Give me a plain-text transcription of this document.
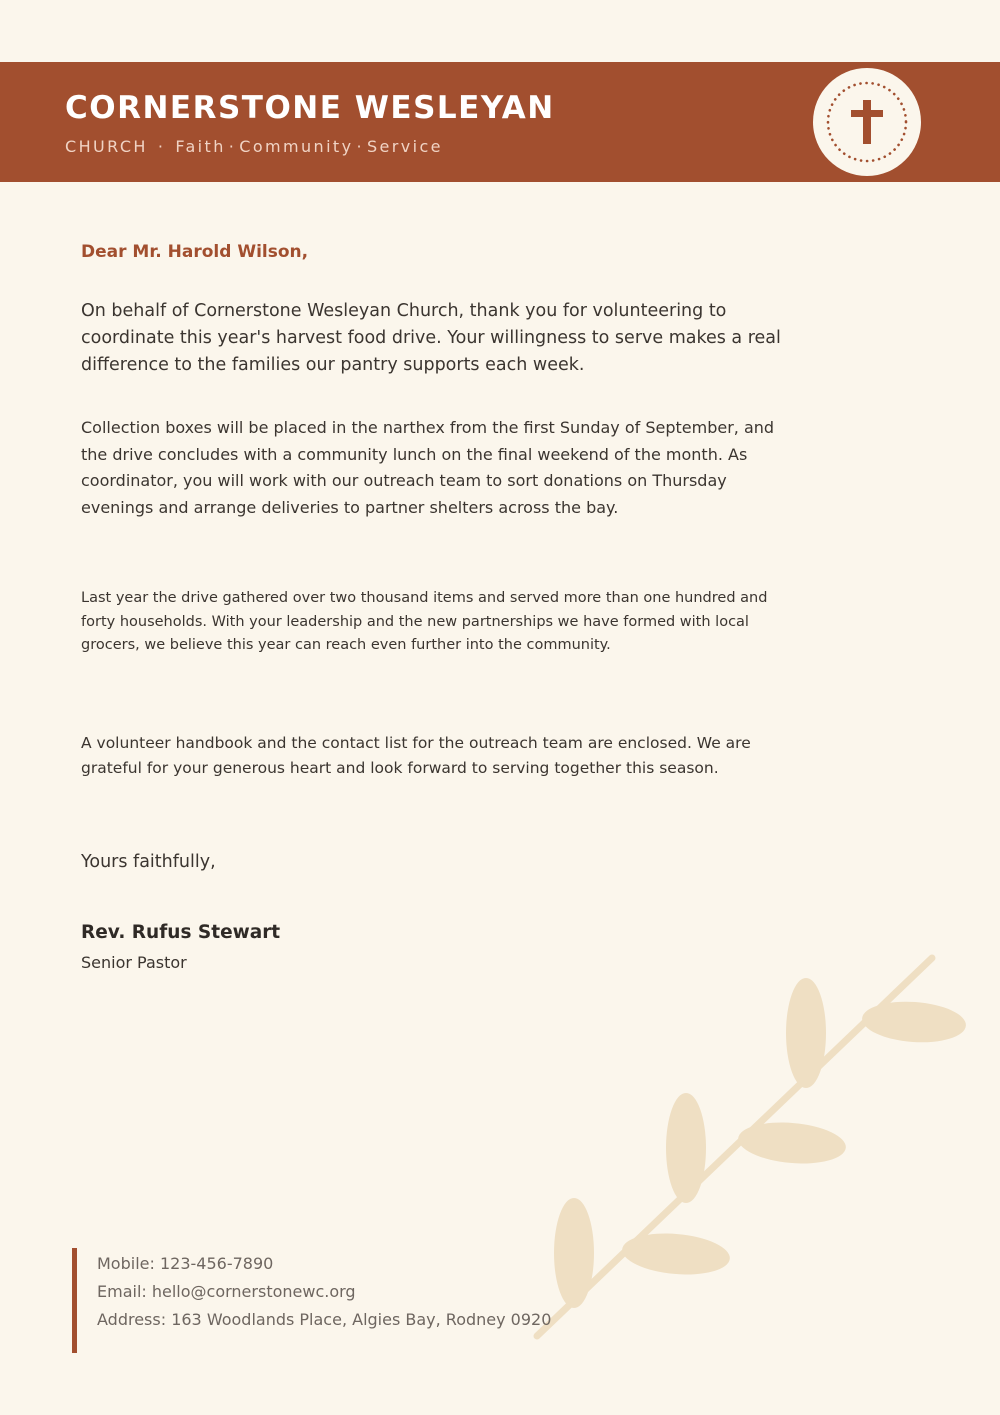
CORNERSTONE WESLEYAN
CHURCH · Faith · Community · Service

Dear Mr. Harold Wilson,

On behalf of Cornerstone Wesleyan Church, thank you for volunteering to coordinate this year's harvest food drive. Your willingness to serve makes a real difference to the families our pantry supports each week.

Collection boxes will be placed in the narthex from the first Sunday of September, and the drive concludes with a community lunch on the final weekend of the month. As coordinator, you will work with our outreach team to sort donations on Thursday evenings and arrange deliveries to partner shelters across the bay.

Last year the drive gathered over two thousand items and served more than one hundred and forty households. With your leadership and the new partnerships we have formed with local grocers, we believe this year can reach even further into the community.

A volunteer handbook and the contact list for the outreach team are enclosed. We are grateful for your generous heart and look forward to serving together this season.

Yours faithfully,

Rev. Rufus Stewart

Senior Pastor

Mobile: 123-456-7890

Email: hello@cornerstonewc.org

Address: 163 Woodlands Place, Algies Bay, Rodney 0920
